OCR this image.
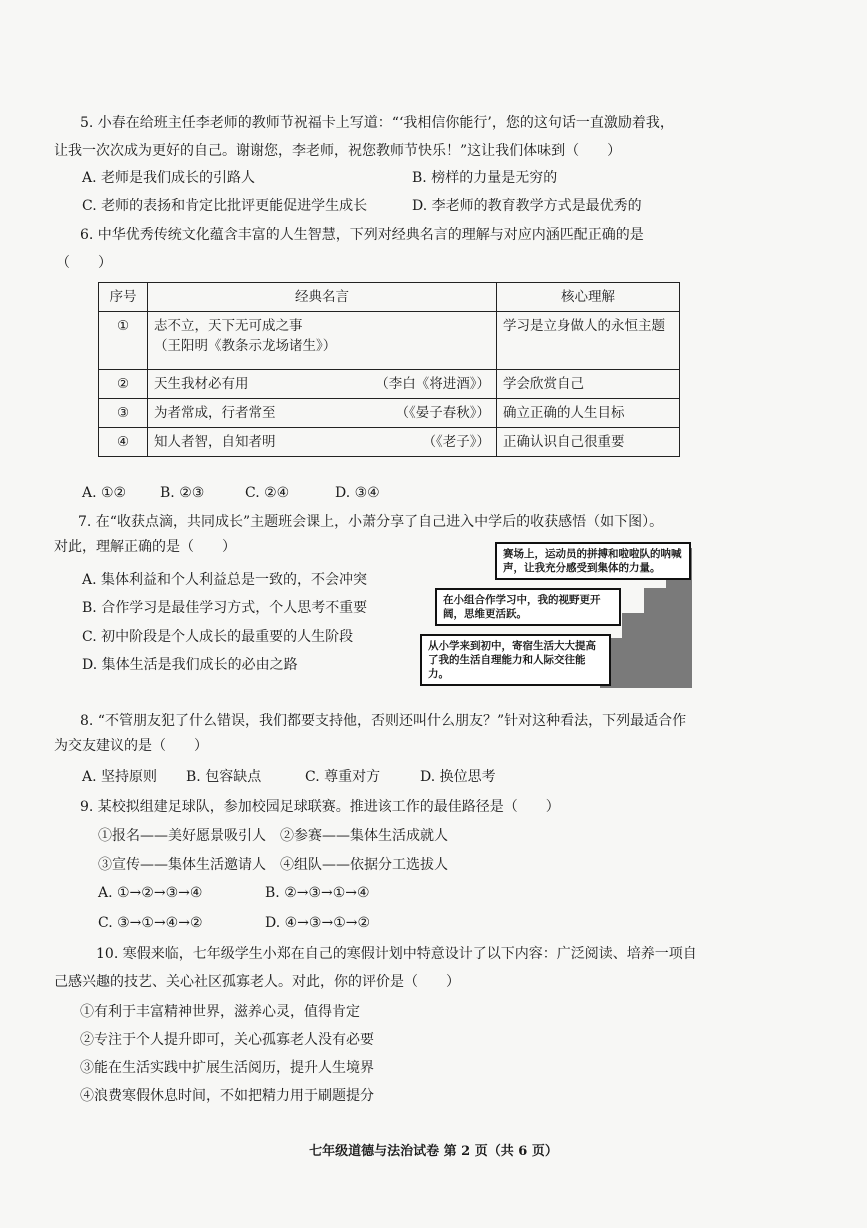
5. 小春在给班主任李老师的教师节祝福卡上写道：“‘我相信你能行’，您的这句话一直激励着我，
让我一次次成为更好的自己。谢谢您，李老师，祝您教师节快乐！”这让我们体味到（　　）
A. 老师是我们成长的引路人	B. 榜样的力量是无穷的
C. 老师的表扬和肯定比批评更能促进学生成长	D. 李老师的教育教学方式是最优秀的
6. 中华优秀传统文化蕴含丰富的人生智慧，下列对经典名言的理解与对应内涵匹配正确的是
（　　）
序号	经典名言	核心理解
①	志不立，天下无可成之事　（王阳明《教条示龙场诸生》）	学习是立身做人的永恒主题
②	天生我材必有用 （李白《将进酒》）	学会欣赏自己
③	为者常成，行者常至 （《晏子春秋》）	确立正确的人生目标
④	知人者智，自知者明 （《老子》）	正确认识自己很重要
A. ①② B. ②③	C. ②④	D. ③④
7. 在“收获点滴，共同成长”主题班会课上，小萧分享了自己进入中学后的收获感悟（如下图）。
对此，理解正确的是（　　）
A. 集体利益和个人利益总是一致的，不会冲突
B. 合作学习是最佳学习方式，个人思考不重要
C. 初中阶段是个人成长的最重要的人生阶段
D. 集体生活是我们成长的必由之路
赛场上，运动员的拼搏和啦啦队的呐喊声，让我充分感受到集体的力量。
在小组合作学习中，我的视野更开阔，思维更活跃。
从小学来到初中，寄宿生活大大提高了我的生活自理能力和人际交往能力。
8. “不管朋友犯了什么错误，我们都要支持他，否则还叫什么朋友？”针对这种看法，下列最适合作
为交友建议的是（　　）
A. 坚持原则 B. 包容缺点	C. 尊重对方	D. 换位思考
9. 某校拟组建足球队，参加校园足球联赛。推进该工作的最佳路径是（　　）
①报名——美好愿景吸引人　②参赛——集体生活成就人
③宣传——集体生活邀请人　④组队——依据分工选拔人
A. ①→②→③→④	B. ②→③→①→④
C. ③→①→④→②	D. ④→③→①→②
10. 寒假来临，七年级学生小郑在自己的寒假计划中特意设计了以下内容：广泛阅读、培养一项自
己感兴趣的技艺、关心社区孤寡老人。对此，你的评价是（　　）
①有利于丰富精神世界，滋养心灵，值得肯定
②专注于个人提升即可，关心孤寡老人没有必要
③能在生活实践中扩展生活阅历，提升人生境界
④浪费寒假休息时间，不如把精力用于刷题提分
七年级道德与法治试卷 第 2 页（共 6 页）
